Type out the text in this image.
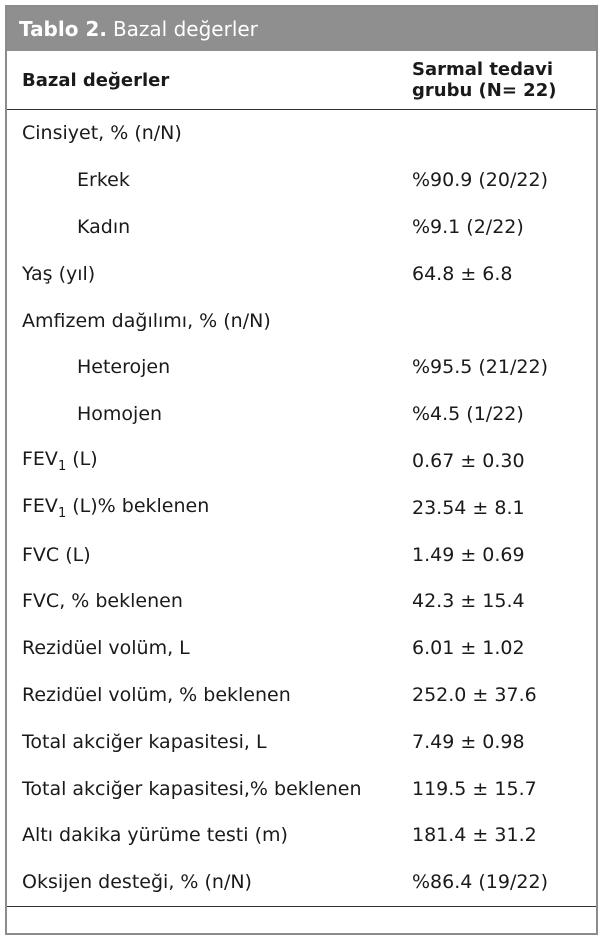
Tablo 2. Bazal değerler
Bazal değerler	Sarmal tedavi
grubu (N= 22)
Cinsiyet, % (n/N)	
Erkek	%90.9 (20/22)
Kadın	%9.1 (2/22)
Yaş (yıl)	64.8 ± 6.8
Amfizem dağılımı, % (n/N)	
Heterojen	%95.5 (21/22)
Homojen	%4.5 (1/22)
$FEV_1$ (L)	0.67 ± 0.30
$FEV_1$ (L)% beklenen	23.54 ± 8.1
FVC (L)	1.49 ± 0.69
FVC, % beklenen	42.3 ± 15.4
Rezidüel volüm, L	6.01 ± 1.02
Rezidüel volüm, % beklenen	252.0 ± 37.6
Total akciğer kapasitesi, L	7.49 ± 0.98
Total akciğer kapasitesi,% beklenen	119.5 ± 15.7
Altı dakika yürüme testi (m)	181.4 ± 31.2
Oksijen desteği, % (n/N)	%86.4 (19/22)
